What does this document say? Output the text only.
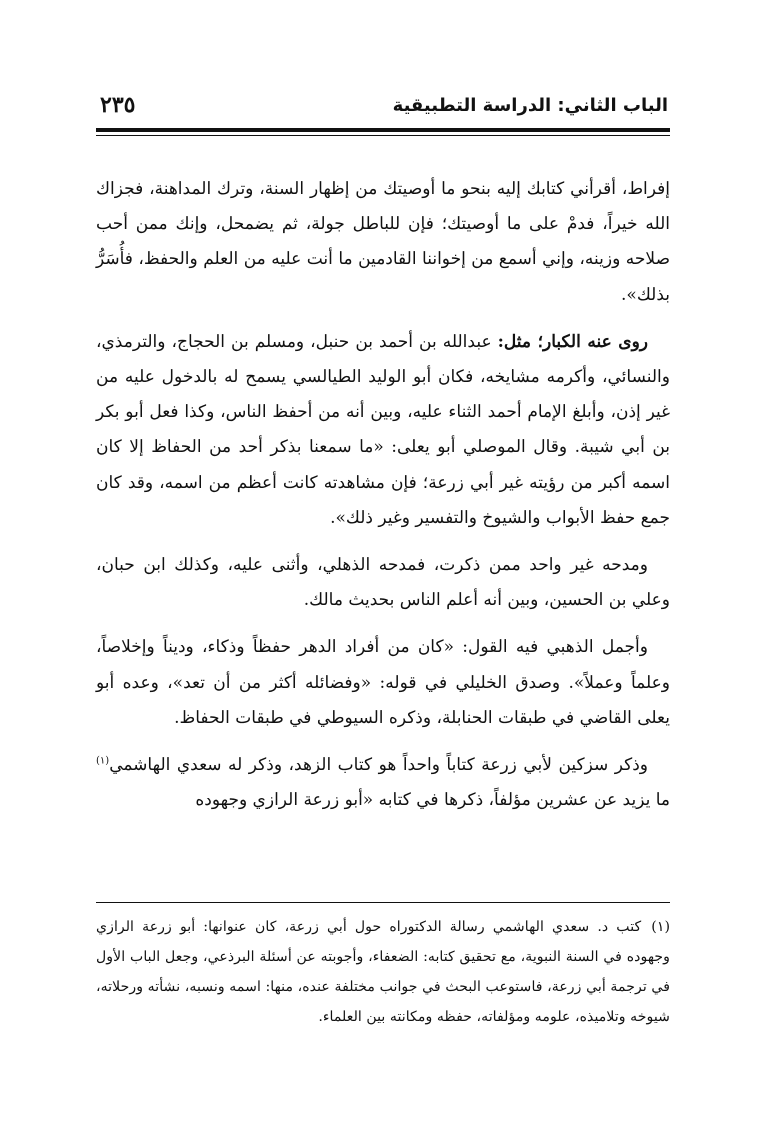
الباب الثاني: الدراسة التطبيقية
٢٣٥

إفراط، أقرأني كتابك إليه بنحو ما أوصيتك من إظهار السنة، وترك المداهنة، فجزاك الله خيراً، فدمْ على ما أوصيتك؛ فإن للباطل جولة، ثم يضمحل، وإنك ممن أحب صلاحه وزينه، وإني أسمع من إخواننا القادمين ما أنت عليه من العلم والحفظ، فأُسَرُّ بذلك».

روى عنه الكبار؛ مثل: عبدالله بن أحمد بن حنبل، ومسلم بن الحجاج، والترمذي، والنسائي، وأكرمه مشايخه، فكان أبو الوليد الطيالسي يسمح له بالدخول عليه من غير إذن، وأبلغ الإمام أحمد الثناء عليه، وبين أنه من أحفظ الناس، وكذا فعل أبو بكر بن أبي شيبة. وقال الموصلي أبو يعلى: «ما سمعنا بذكر أحد من الحفاظ إلا كان اسمه أكبر من رؤيته غير أبي زرعة؛ فإن مشاهدته كانت أعظم من اسمه، وقد كان جمع حفظ الأبواب والشيوخ والتفسير وغير ذلك».

ومدحه غير واحد ممن ذكرت، فمدحه الذهلي، وأثنى عليه، وكذلك ابن حبان، وعلي بن الحسين، وبين أنه أعلم الناس بحديث مالك.

وأجمل الذهبي فيه القول: «كان من أفراد الدهر حفظاً وذكاء، وديناً وإخلاصاً، وعلماً وعملاً». وصدق الخليلي في قوله: «وفضائله أكثر من أن تعد»، وعده أبو يعلى القاضي في طبقات الحنابلة، وذكره السيوطي في طبقات الحفاظ.

وذكر سزكين لأبي زرعة كتاباً واحداً هو كتاب الزهد، وذكر له سعدي الهاشمي$^{(١)}$ ما يزيد عن عشرين مؤلفاً، ذكرها في كتابه «أبو زرعة الرازي وجهوده

(١)كتب د. سعدي الهاشمي رسالة الدكتوراه حول أبي زرعة، كان عنوانها: أبو زرعة الرازي وجهوده في السنة النبوية، مع تحقيق كتابه: الضعفاء، وأجوبته عن أسئلة البرذعي، وجعل الباب الأول في ترجمة أبي زرعة، فاستوعب البحث في جوانب مختلفة عنده، منها: اسمه ونسبه، نشأته ورحلاته، شيوخه وتلاميذه، علومه ومؤلفاته، حفظه ومكانته بين العلماء.
